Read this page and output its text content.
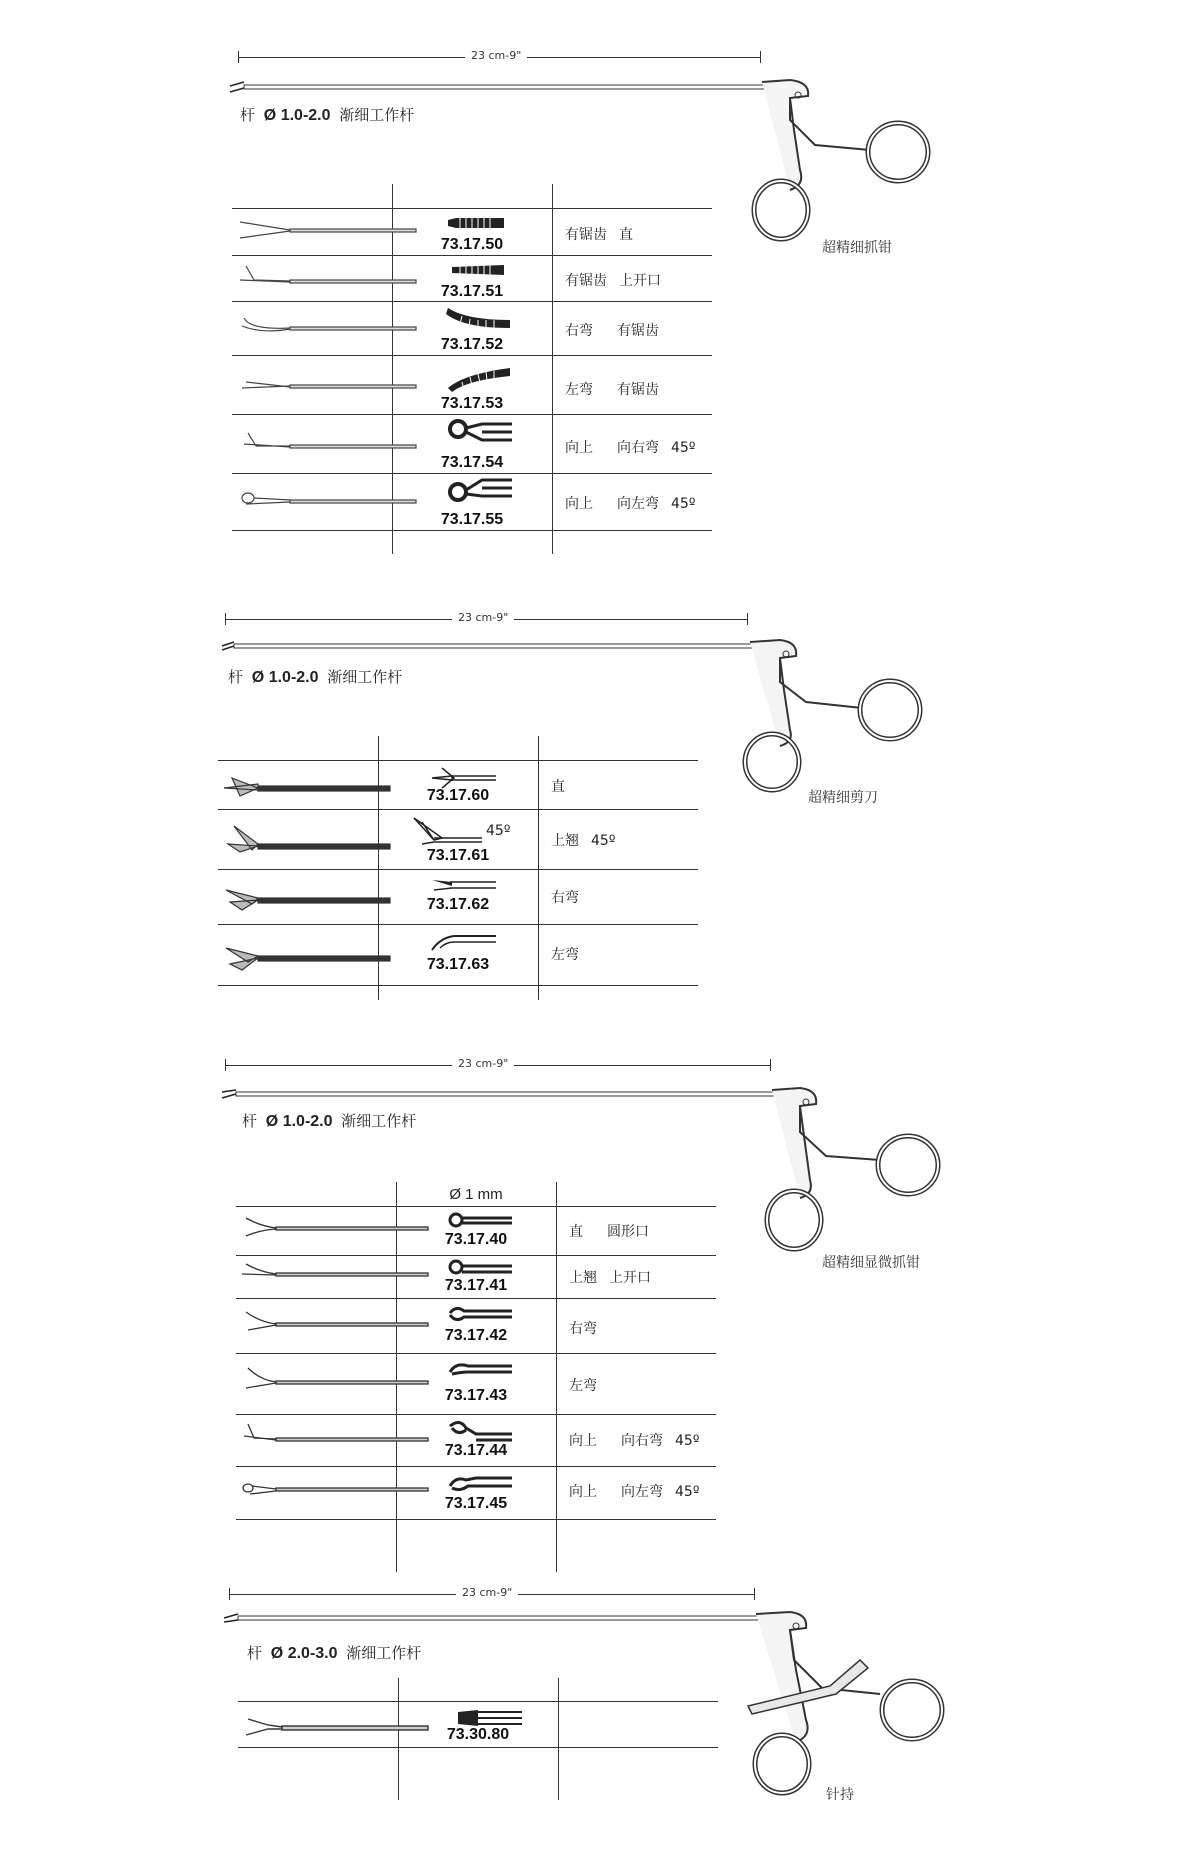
23 cm-9"
杆 Ø 1.0-2.0 渐细工作杆
超精细抓钳
73.17.50
73.17.51
73.17.52
73.17.53
73.17.54
73.17.55
有锯齿 直
有锯齿 上开口
右弯 有锯齿
左弯 有锯齿
向上 向右弯 45º
向上 向左弯 45º
23 cm-9"
杆 Ø 1.0-2.0 渐细工作杆
超精细剪刀
45º
73.17.60
73.17.61
73.17.62
73.17.63
直
上翘 45º
右弯
左弯
23 cm-9"
杆 Ø 1.0-2.0 渐细工作杆
超精细显微抓钳
Ø 1 mm
73.17.40
73.17.41
73.17.42
73.17.43
73.17.44
73.17.45
直 圆形口
上翘 上开口
右弯
左弯
向上 向右弯 45º
向上 向左弯 45º
23 cm-9"
杆 Ø 2.0-3.0 渐细工作杆
针持
73.30.80
